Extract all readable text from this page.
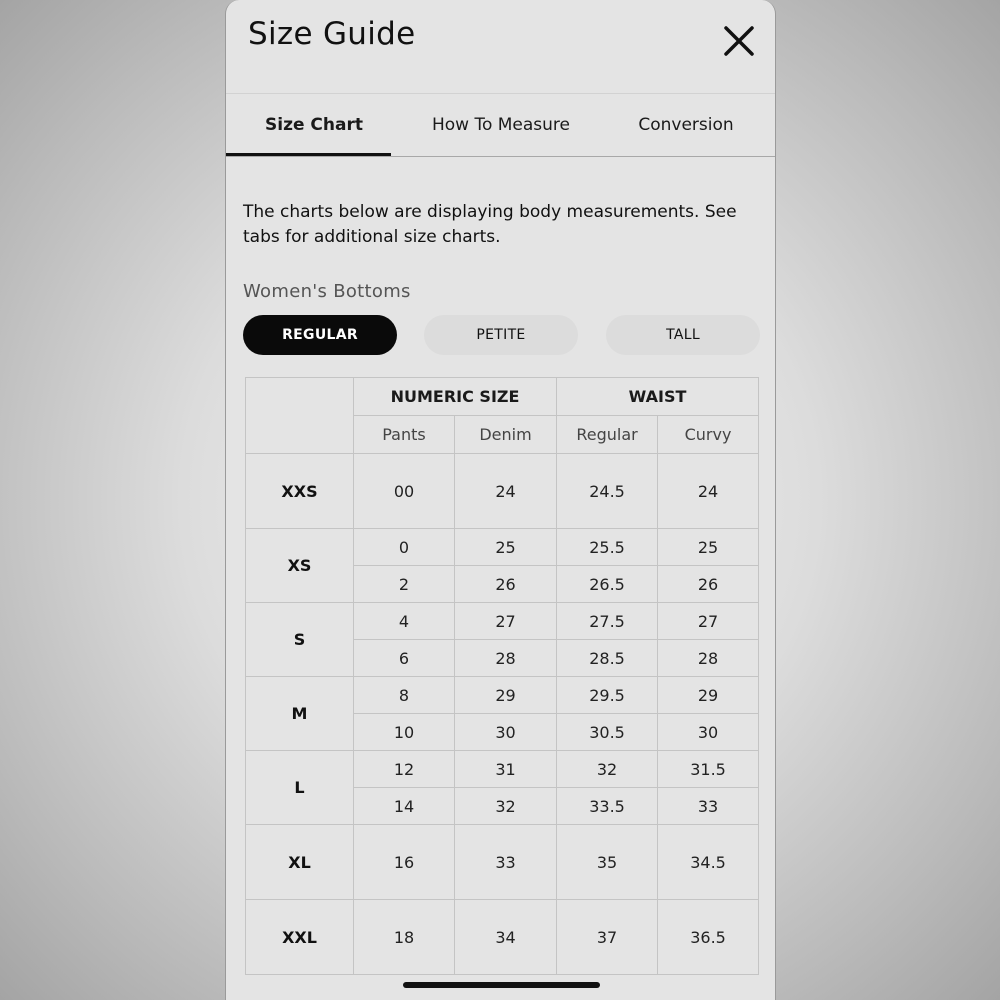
Size Guide
Size Chart	How To Measure	Conversion
The charts below are displaying body measurements. See tabs for additional size charts.
Women's Bottoms
REGULAR	PETITE	TALL
	NUMERIC SIZE		WAIST	
	Pants	Denim	Regular	Curvy
XXS	00	24	24.5	24
XS	0	25	25.5	25
	2	26	26.5	26
S	4	27	27.5	27
	6	28	28.5	28
M	8	29	29.5	29
	10	30	30.5	30
L	12	31	32	31.5
	14	32	33.5	33
XL	16	33	35	34.5
XXL	18	34	37	36.5
